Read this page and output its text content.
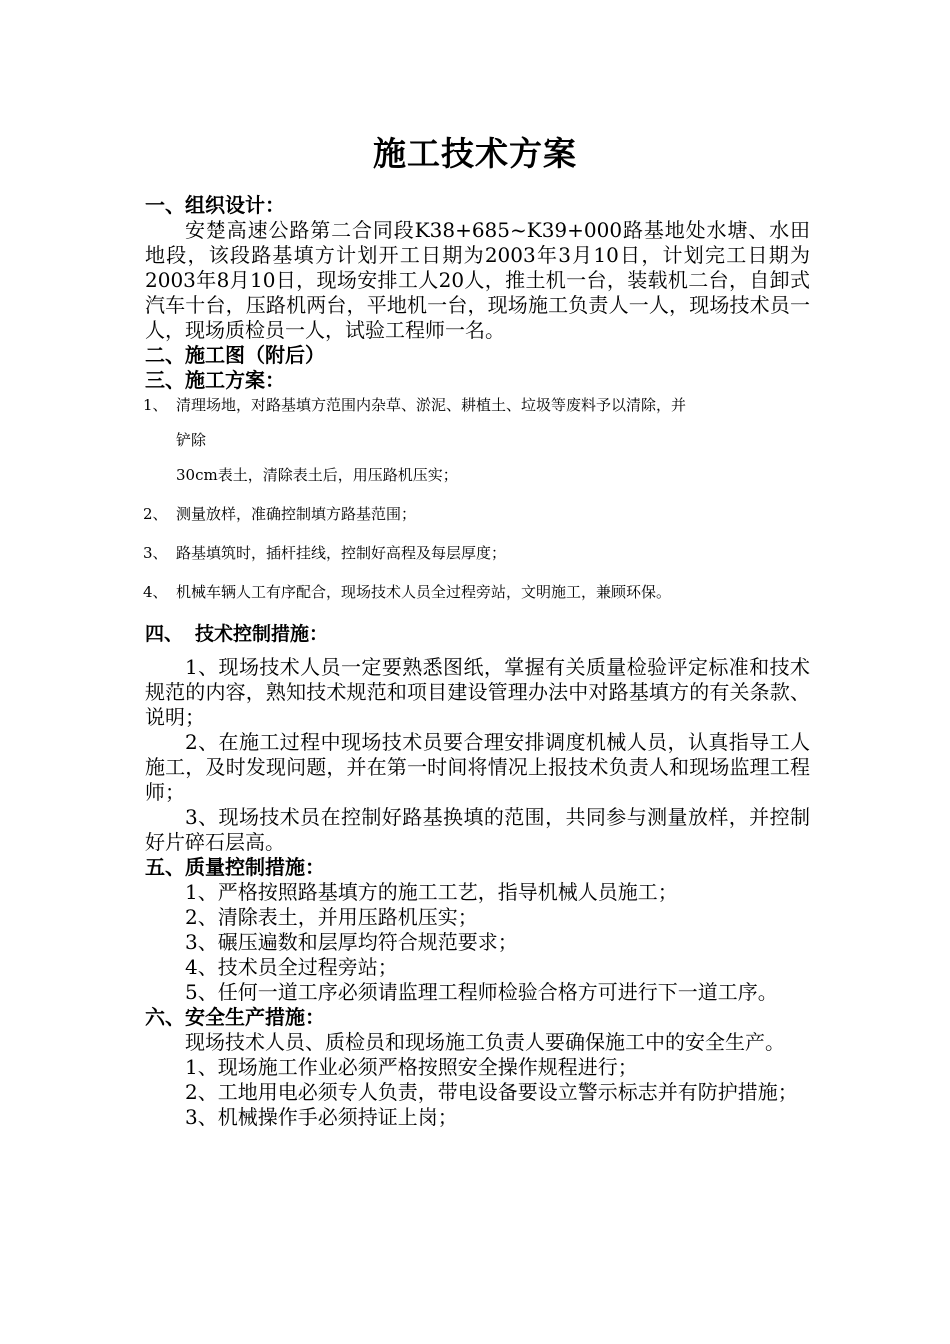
施工技术方案
一、组织设计：
安楚高速公路第二合同段K38+685~K39+000路基地处水塘、水田地段，该段路基填方计划开工日期为2003年3月10日，计划完工日期为2003年8月10日，现场安排工人20人，推土机一台，装载机二台，自卸式汽车十台，压路机两台，平地机一台，现场施工负责人一人，现场技术员一人，现场质检员一人，试验工程师一名。
二、施工图（附后）
三、施工方案：
1、 清理场地，对路基填方范围内杂草、淤泥、耕植土、垃圾等废料予以清除，并
铲除
30cm表土，清除表土后，用压路机压实；
2、 测量放样，准确控制填方路基范围；
3、 路基填筑时，插杆挂线，控制好高程及每层厚度；
4、 机械车辆人工有序配合，现场技术人员全过程旁站，文明施工，兼顾环保。
四、 技术控制措施：
1、现场技术人员一定要熟悉图纸，掌握有关质量检验评定标准和技术规范的内容，熟知技术规范和项目建设管理办法中对路基填方的有关条款、说明；
2、在施工过程中现场技术员要合理安排调度机械人员，认真指导工人施工，及时发现问题，并在第一时间将情况上报技术负责人和现场监理工程师；
3、现场技术员在控制好路基换填的范围，共同参与测量放样，并控制好片碎石层高。
五、质量控制措施：
1、严格按照路基填方的施工工艺，指导机械人员施工；
2、清除表土，并用压路机压实；
3、碾压遍数和层厚均符合规范要求；
4、技术员全过程旁站；
5、任何一道工序必须请监理工程师检验合格方可进行下一道工序。
六、安全生产措施：
现场技术人员、质检员和现场施工负责人要确保施工中的安全生产。
1、现场施工作业必须严格按照安全操作规程进行；
2、工地用电必须专人负责，带电设备要设立警示标志并有防护措施；
3、机械操作手必须持证上岗；
